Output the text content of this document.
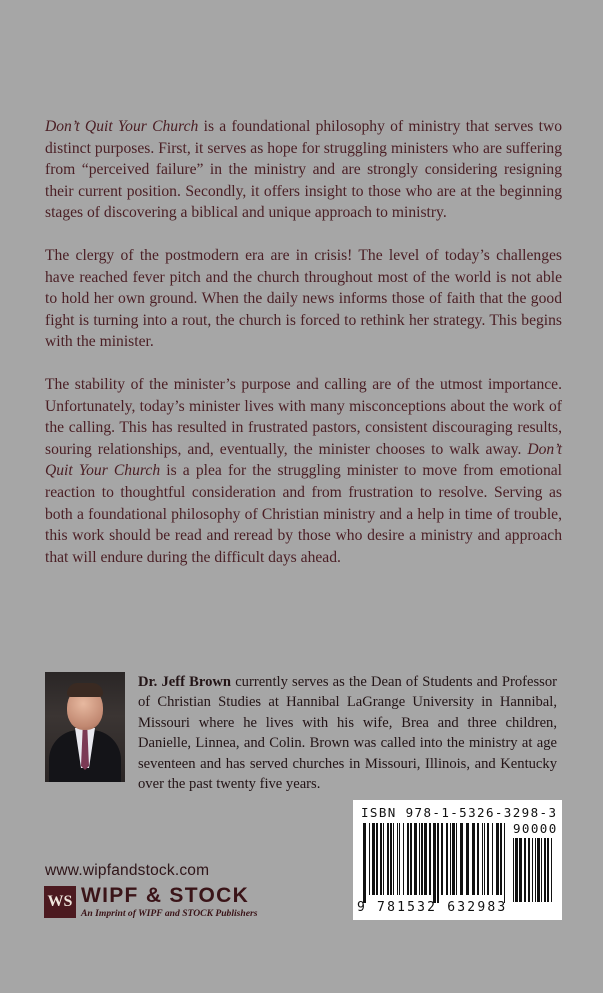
Don’t Quit Your Church is a foundational philosophy of ministry that serves two distinct purposes. First, it serves as hope for struggling ministers who are suffering from “perceived failure” in the ministry and are strongly considering resigning their current position. Secondly, it offers insight to those who are at the beginning stages of discovering a biblical and unique approach to ministry.

The clergy of the postmodern era are in crisis! The level of today’s challenges have reached fever pitch and the church throughout most of the world is not able to hold her own ground. When the daily news informs those of faith that the good fight is turning into a rout, the church is forced to rethink her strategy. This begins with the minister.

The stability of the minister’s purpose and calling are of the utmost importance. Unfortunately, today’s minister lives with many misconceptions about the work of the calling. This has resulted in frustrated pastors, consistent discouraging results, souring relationships, and, eventually, the minister chooses to walk away. Don’t Quit Your Church is a plea for the struggling minister to move from emotional reaction to thoughtful consideration and from frustration to resolve. Serving as both a foundational philosophy of Christian ministry and a help in time of trouble, this work should be read and reread by those who desire a ministry and approach that will endure during the difficult days ahead.

Dr. Jeff Brown currently serves as the Dean of Students and Professor of Christian Studies at Hannibal LaGrange University in Hannibal, Missouri where he lives with his wife, Brea and three children, Danielle, Linnea, and Colin. Brown was called into the ministry at age seventeen and has served churches in Missouri, Illinois, and Kentucky over the past twenty five years.

ISBN 978-1-5326-3298-3
90000
9 781532 632983
www.wipfandstock.com
WS WIPF & STOCK
An Imprint of WIPF and STOCK Publishers
